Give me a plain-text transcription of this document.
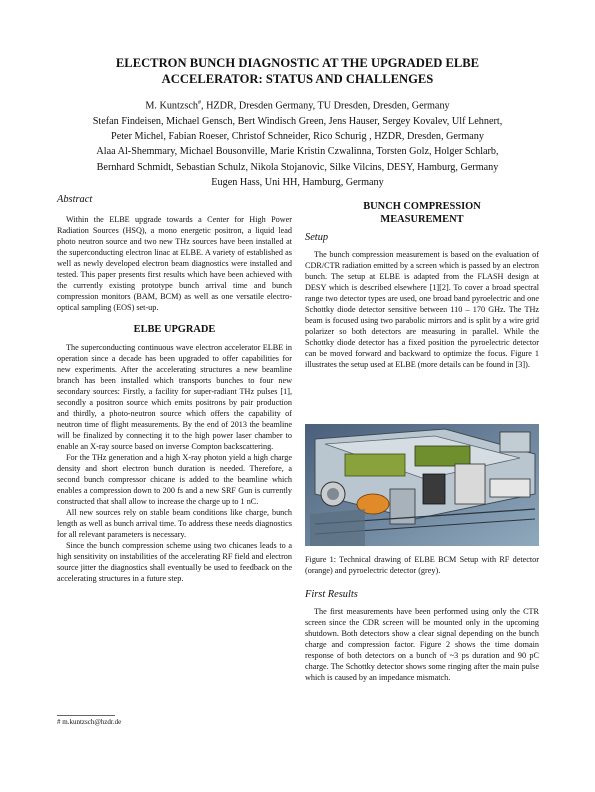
ELECTRON BUNCH DIAGNOSTIC AT THE UPGRADED ELBE
ACCELERATOR: STATUS AND CHALLENGES
M. Kuntzsch#, HZDR, Dresden Germany, TU Dresden, Dresden, Germany
Stefan Findeisen, Michael Gensch, Bert Windisch Green, Jens Hauser, Sergey Kovalev, Ulf Lehnert,
Peter Michel, Fabian Roeser, Christof Schneider, Rico Schurig , HZDR, Dresden, Germany
Alaa Al-Shemmary, Michael Bousonville, Marie Kristin Czwalinna, Torsten Golz, Holger Schlarb,
Bernhard Schmidt, Sebastian Schulz, Nikola Stojanovic, Silke Vilcins, DESY, Hamburg, Germany
Eugen Hass, Uni HH, Hamburg, Germany
Abstract

Within the ELBE upgrade towards a Center for High Power Radiation Sources (HSQ), a mono energetic positron, a liquid lead photo neutron source and two new THz sources have been installed at the superconducting electron linac at ELBE. A variety of established as well as newly developed electron beam diagnostics were installed and tested. This paper presents first results which have been achieved with the currently existing prototype bunch arrival time and bunch compression monitors (BAM, BCM) as well as one versatile electro-optical sampling (EOS) set-up.

ELBE UPGRADE

The superconducting continuous wave electron accelerator ELBE in operation since a decade has been upgraded to offer capabilities for new experiments. After the accelerating structures a new beamline branch has been installed which transports bunches to four new secondary sources: Firstly, a facility for super-radiant THz pulses [1], secondly a positron source which emits positrons by pair production and thirdly, a photo-neutron source which offers the capability of neutron time of flight measurements. By the end of 2013 the beamline will be finalized by connecting it to the high power laser chamber to enable an X-ray source based on inverse Compton backscattering.

For the THz generation and a high X-ray photon yield a high charge density and short electron bunch duration is needed. Therefore, a second bunch compressor chicane is added to the beamline which enables a compression down to 200 fs and a new SRF Gun is currently constructed that shall allow to increase the charge up to 1 nC.

All new sources rely on stable beam conditions like charge, bunch length as well as bunch arrival time. To address these needs diagnostics for all relevant parameters is necessary.

Since the bunch compression scheme using two chicanes leads to a high sensitivity on instabilities of the accelerating RF field and electron source jitter the diagnostics shall eventually be used to feedback on the accelerating structures in a future step.

# m.kuntzsch@hzdr.de
BUNCH COMPRESSION
MEASUREMENT
Setup

The bunch compression measurement is based on the evaluation of CDR/CTR radiation emitted by a screen which is passed by an electron bunch. The setup at ELBE is adapted from the FLASH design at DESY which is described elsewhere [1][2]. To cover a broad spectral range two detector types are used, one broad band pyroelectric and one Schottky diode detector sensitive between 110 – 170 GHz. The THz beam is focused using two parabolic mirrors and is split by a wire grid polarizer so both detectors are measuring in parallel. While the Schottky diode detector has a fixed position the pyroelectric detector can be moved forward and backward to optimize the focus. Figure 1 illustrates the setup used at ELBE (more details can be found in [3]).

Figure 1: Technical drawing of ELBE BCM Setup with RF detector (orange) and pyroelectric detector (grey).
First Results

The first measurements have been performed using only the CTR screen since the CDR screen will be mounted only in the upcoming shutdown. Both detectors show a clear signal depending on the bunch charge and compression factor. Figure 2 shows the time domain response of both detectors on a bunch of ~3 ps duration and 90 pC charge. The Schottky detector shows some ringing after the main pulse which is caused by an impedance mismatch.
